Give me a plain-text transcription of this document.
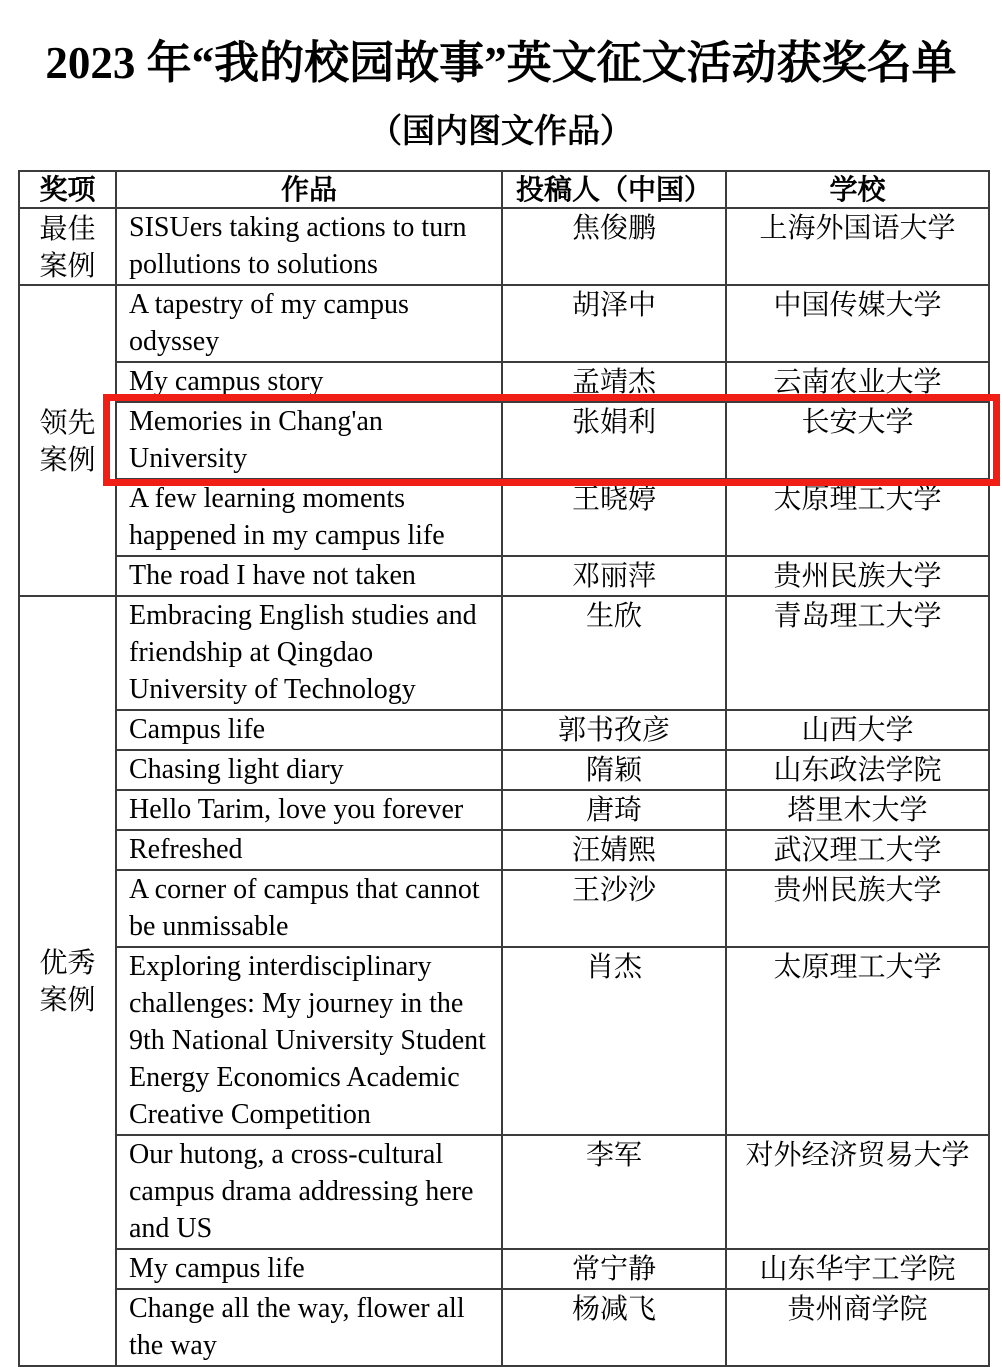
2023 年“我的校园故事”英文征文活动获奖名单
（国内图文作品）
奖项	作品	投稿人（中国）	学校

最佳案例	SISUers taking actions to turn pollutions to solutions	焦俊鹏	上海外国语大学

领先案例	A tapestry of my campus odyssey	胡泽中	中国传媒大学
	My campus story	孟靖杰	云南农业大学
	Memories in Chang'an University	张娟利	长安大学
	A few learning moments happened in my campus life	王晓婷	太原理工大学
	The road I have not taken	邓丽萍	贵州民族大学

优秀案例	Embracing English studies and friendship at Qingdao University of Technology	生欣	青岛理工大学
	Campus life	郭书孜彦	山西大学
	Chasing light diary	隋颖	山东政法学院
	Hello Tarim, love you forever	唐琦	塔里木大学
	Refreshed	汪婧熙	武汉理工大学
	A corner of campus that cannot be unmissable	王沙沙	贵州民族大学
	Exploring interdisciplinary challenges: My journey in the 9th National University Student Energy Economics Academic Creative Competition	肖杰	太原理工大学
	Our hutong, a cross-cultural campus drama addressing here and US	李军	对外经济贸易大学
	My campus life	常宁静	山东华宇工学院
	Change all the way, flower all the way	杨减飞	贵州商学院
